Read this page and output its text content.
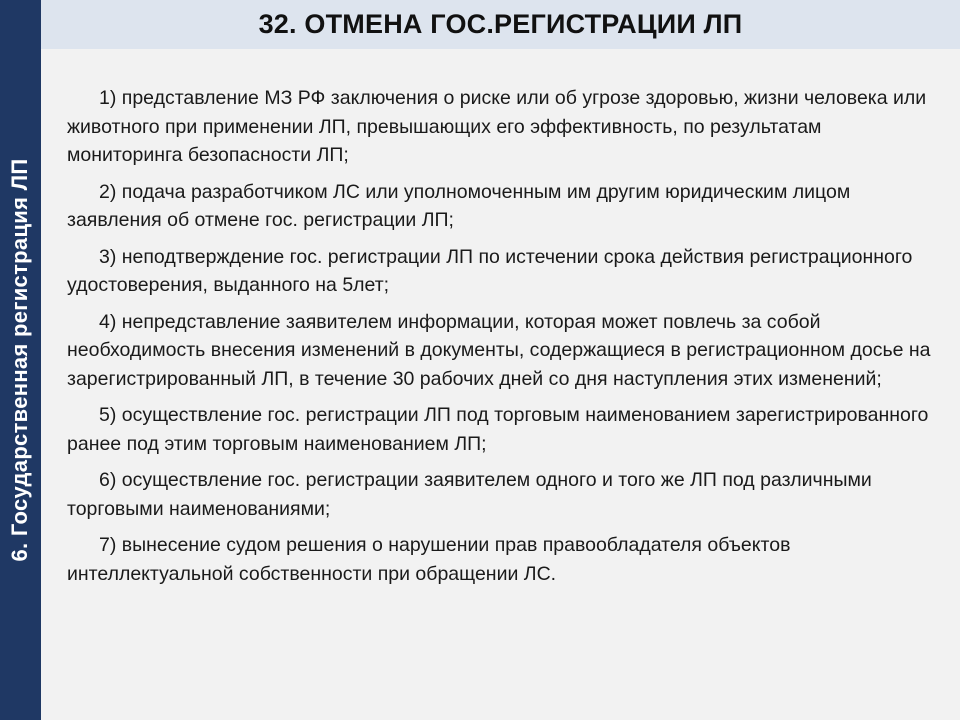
6. Государственная регистрация ЛП
32. ОТМЕНА ГОС.РЕГИСТРАЦИИ ЛП

1) представление МЗ РФ заключения о риске или об угрозе здоровью, жизни человека или животного при применении ЛП, превышающих его эффективность, по результатам мониторинга безопасности ЛП;

2) подача разработчиком ЛС или уполномоченным им другим юридическим лицом заявления об отмене гос. регистрации ЛП;

3) неподтверждение гос. регистрации ЛП по истечении срока действия регистрационного удостоверения, выданного на 5лет;

4) непредставление заявителем информации, которая может повлечь за собой необходимость внесения изменений в документы, содержащиеся в регистрационном досье на зарегистрированный ЛП, в течение 30 рабочих дней со дня наступления этих изменений;

5) осуществление гос. регистрации ЛП под торговым наименованием зарегистрированного ранее под этим торговым наименованием ЛП;

6) осуществление гос. регистрации заявителем одного и того же ЛП под различными торговыми наименованиями;

7) вынесение судом решения о нарушении прав правообладателя объектов интеллектуальной собственности при обращении ЛС.
